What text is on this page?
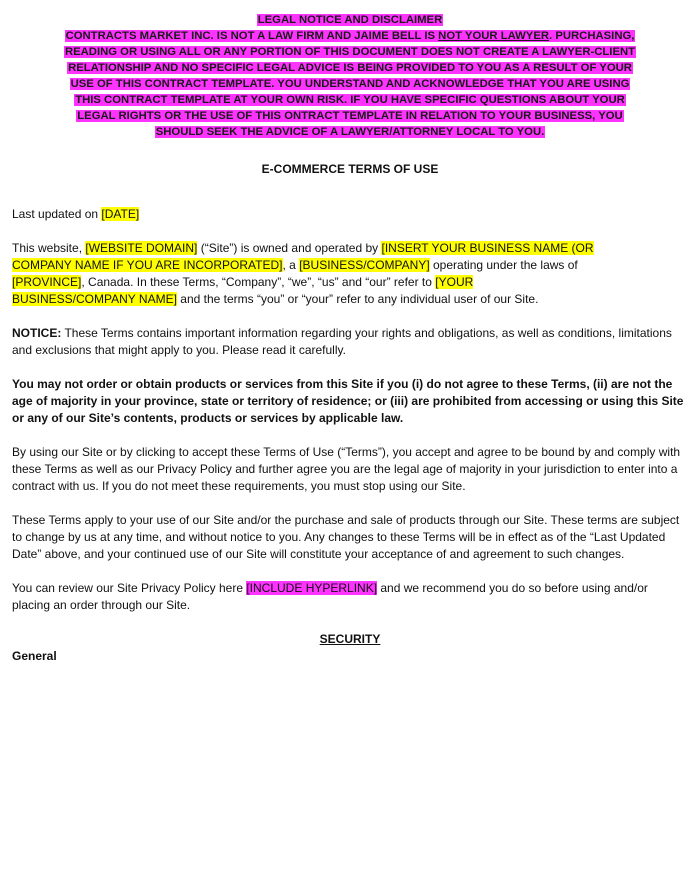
LEGAL NOTICE AND DISCLAIMER
CONTRACTS MARKET INC. IS NOT A LAW FIRM AND JAIME BELL IS NOT YOUR LAWYER. PURCHASING,
READING OR USING ALL OR ANY PORTION OF THIS DOCUMENT DOES NOT CREATE A LAWYER-CLIENT
RELATIONSHIP AND NO SPECIFIC LEGAL ADVICE IS BEING PROVIDED TO YOU AS A RESULT OF YOUR
USE OF THIS CONTRACT TEMPLATE. YOU UNDERSTAND AND ACKNOWLEDGE THAT YOU ARE USING
THIS CONTRACT TEMPLATE AT YOUR OWN RISK. IF YOU HAVE SPECIFIC QUESTIONS ABOUT YOUR
LEGAL RIGHTS OR THE USE OF THIS ONTRACT TEMPLATE IN RELATION TO YOUR BUSINESS, YOU
SHOULD SEEK THE ADVICE OF A LAWYER/ATTORNEY LOCAL TO YOU.
E-COMMERCE TERMS OF USE

Last updated on [DATE]

This website, [WEBSITE DOMAIN] (“Site”) is owned and operated by [INSERT YOUR BUSINESS NAME (OR
COMPANY NAME IF YOU ARE INCORPORATED], a [BUSINESS/COMPANY] operating under the laws of
[PROVINCE], Canada. In these Terms, “Company”, “we”, “us” and “our” refer to [YOUR
BUSINESS/COMPANY NAME] and the terms “you” or “your” refer to any individual user of our Site.

NOTICE: These Terms contains important information regarding your rights and obligations, as well as conditions, limitations and exclusions that might apply to you. Please read it carefully.

You may not order or obtain products or services from this Site if you (i) do not agree to these Terms, (ii) are not the age of majority in your province, state or territory of residence; or (iii) are prohibited from accessing or using this Site or any of our Site’s contents, products or services by applicable law.

By using our Site or by clicking to accept these Terms of Use (“Terms”), you accept and agree to be bound by and comply with these Terms as well as our Privacy Policy and further agree you are the legal age of majority in your jurisdiction to enter into a contract with us. If you do not meet these requirements, you must stop using our Site.

These Terms apply to your use of our Site and/or the purchase and sale of products through our Site. These terms are subject to change by us at any time, and without notice to you. Any changes to these Terms will be in effect as of the “Last Updated Date” above, and your continued use of our Site will constitute your acceptance of and agreement to such changes.

You can review our Site Privacy Policy here [INCLUDE HYPERLINK] and we recommend you do so before using and/or placing an order through our Site.

SECURITY
General
